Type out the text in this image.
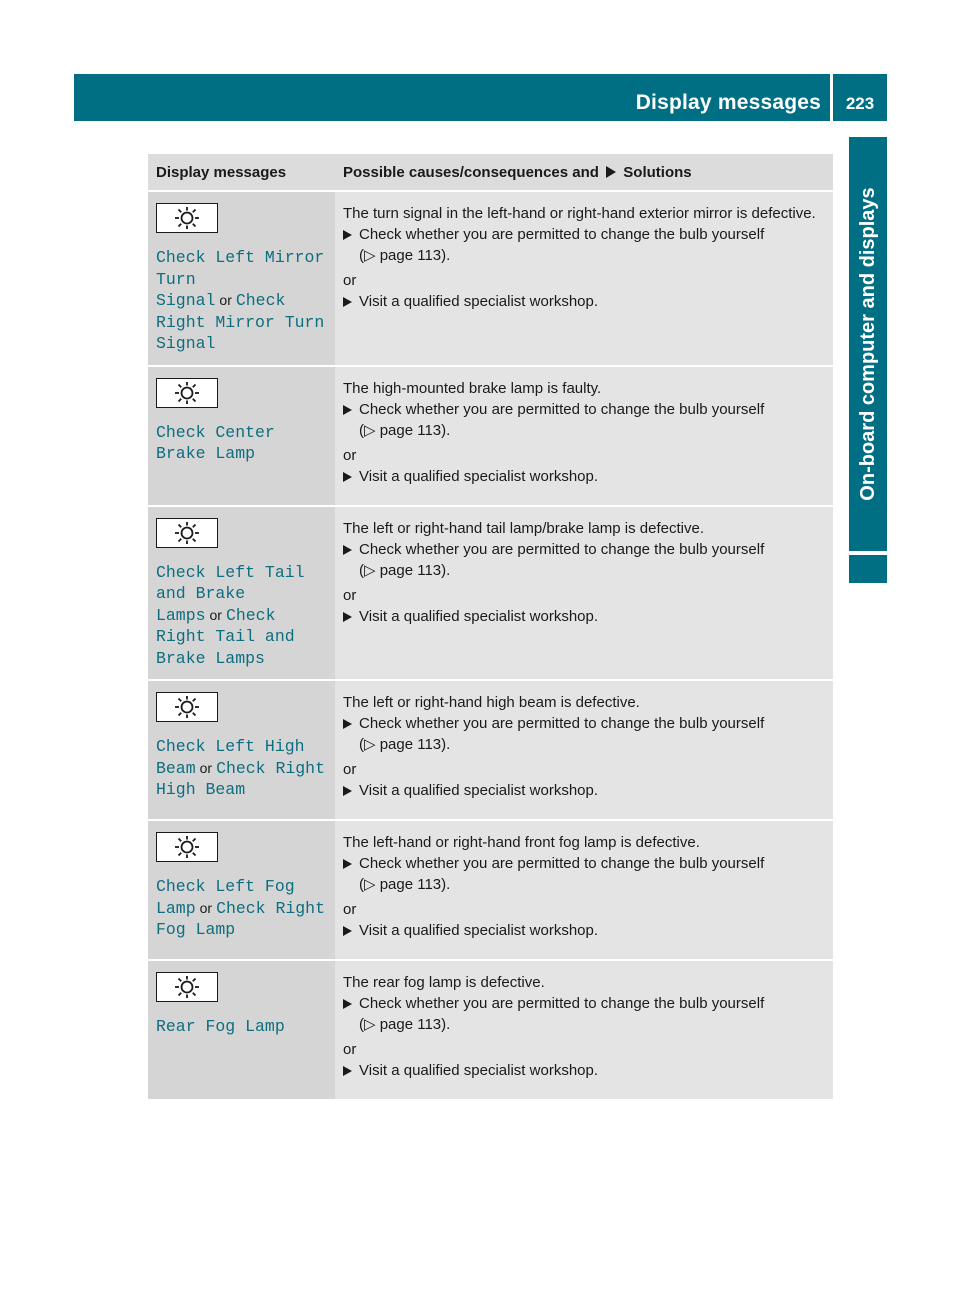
Display messages	223
On-board computer and displays
Display messages	Possible causes/consequences and Solutions

Check Left Mirror Turn Signal or Check Right Mirror Turn Signal	The turn signal in the left-hand or right-hand exterior mirror is defective.

Check whether you are permitted to change the bulb yourself
(▷ page 113).

or

Visit a qualified specialist workshop.

Check Center Brake Lamp	The high-mounted brake lamp is faulty.

Check whether you are permitted to change the bulb yourself
(▷ page 113).

or

Visit a qualified specialist workshop.

Check Left Tail and Brake Lamps or Check Right Tail and Brake Lamps	The left or right-hand tail lamp/brake lamp is defective.

Check whether you are permitted to change the bulb yourself
(▷ page 113).

or

Visit a qualified specialist workshop.

Check Left High Beam or Check Right High Beam	The left or right-hand high beam is defective.

Check whether you are permitted to change the bulb yourself
(▷ page 113).

or

Visit a qualified specialist workshop.

Check Left Fog Lamp or Check Right Fog Lamp	The left-hand or right-hand front fog lamp is defective.

Check whether you are permitted to change the bulb yourself
(▷ page 113).

or

Visit a qualified specialist workshop.

Rear Fog Lamp	The rear fog lamp is defective.

Check whether you are permitted to change the bulb yourself
(▷ page 113).

or

Visit a qualified specialist workshop.
